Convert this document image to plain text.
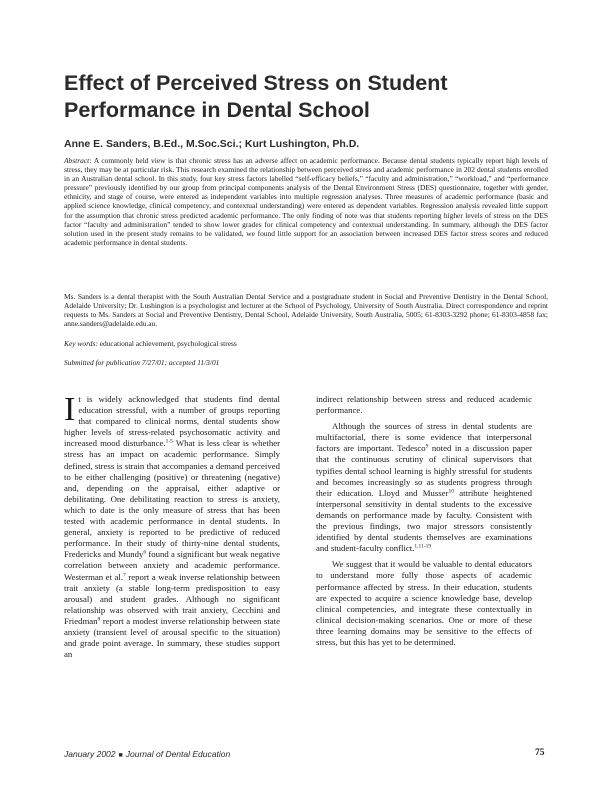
Effect of Perceived Stress on Student Performance in Dental School
Anne E. Sanders, B.Ed., M.Soc.Sci.; Kurt Lushington, Ph.D.

Abstract: A commonly held view is that chronic stress has an adverse affect on academic performance. Because dental students typically report high levels of stress, they may be at particular risk. This research examined the relationship between perceived stress and academic performance in 202 dental students enrolled in an Australian dental school. In this study, four key stress factors labelled “self-efficacy beliefs,” “faculty and administration,” “workload,” and “performance pressure” previously identified by our group from principal components analysis of the Dental Environment Stress (DES) questionnaire, together with gender, ethnicity, and stage of course, were entered as independent variables into multiple regression analyses. Three measures of academic performance (basic and applied science knowledge, clinical competency, and contextual understanding) were entered as dependent variables. Regression analysis revealed little support for the assumption that chronic stress predicted academic performance. The only finding of note was that students reporting higher levels of stress on the DES factor “faculty and administration” tended to show lower grades for clinical competency and contextual understanding. In summary, although the DES factor solution used in the present study remains to be validated, we found little support for an association between increased DES factor stress scores and reduced academic performance in dental students.

Ms. Sanders is a dental therapist with the South Australian Dental Service and a postgraduate student in Social and Preventive Dentistry in the Dental School, Adelaide University; Dr. Lushington is a psychologist and lecturer at the School of Psychology, University of South Australia. Direct correspondence and reprint requests to Ms. Sanders at Social and Preventive Dentistry, Dental School, Adelaide University, South Australia, 5005; 61-8303-3292 phone; 61-8303-4858 fax; anne.sanders@adelaide.edu.au.

Key words: educational achievement, psychological stress

Submitted for publication 7/27/01; accepted 11/3/01

It is widely acknowledged that students find dental education stressful, with a number of groups reporting that compared to clinical norms, dental students show higher levels of stress-related psychosomatic activity and increased mood disturbance.$^{1-5}$ What is less clear is whether stress has an impact on academic performance. Simply defined, stress is strain that accompanies a demand perceived to be either challenging (positive) or threatening (negative) and, depending on the appraisal, either adaptive or debilitating. One debilitating reaction to stress is anxiety, which to date is the only measure of stress that has been tested with academic performance in dental students. In general, anxiety is reported to be predictive of reduced performance. In their study of thirty-nine dental students, Fredericks and Mundy$^6$ found a significant but weak negative correlation between anxiety and academic performance. Westerman et al.$^7$ report a weak inverse relationship between trait anxiety (a stable long-term predisposition to easy arousal) and student grades. Although no significant relationship was observed with trait anxiety, Cecchini and Friedman$^8$ report a modest inverse relationship between state anxiety (transient level of arousal specific to the situation) and grade point average. In summary, these studies support an

indirect relationship between stress and reduced academic performance.

Although the sources of stress in dental students are multifactorial, there is some evidence that interpersonal factors are important. Tedesco$^9$ noted in a discussion paper that the continuous scrutiny of clinical supervisors that typifies dental school learning is highly stressful for students and becomes increasingly so as students progress through their education. Lloyd and Musser$^{10}$ attribute heightened interpersonal sensitivity in dental students to the excessive demands on performance made by faculty. Consistent with the previous findings, two major stressors consistently identified by dental students themselves are examinations and student-faculty conflict.$^{1,11-19}$

We suggest that it would be valuable to dental educators to understand more fully those aspects of academic performance affected by stress. In their education, students are expected to acquire a science knowledge base, develop clinical competencies, and integrate these contextually in clinical decision-making scenarios. One or more of these three learning domains may be sensitive to the effects of stress, but this has yet to be determined.

January 2002 ■ Journal of Dental Education	75
